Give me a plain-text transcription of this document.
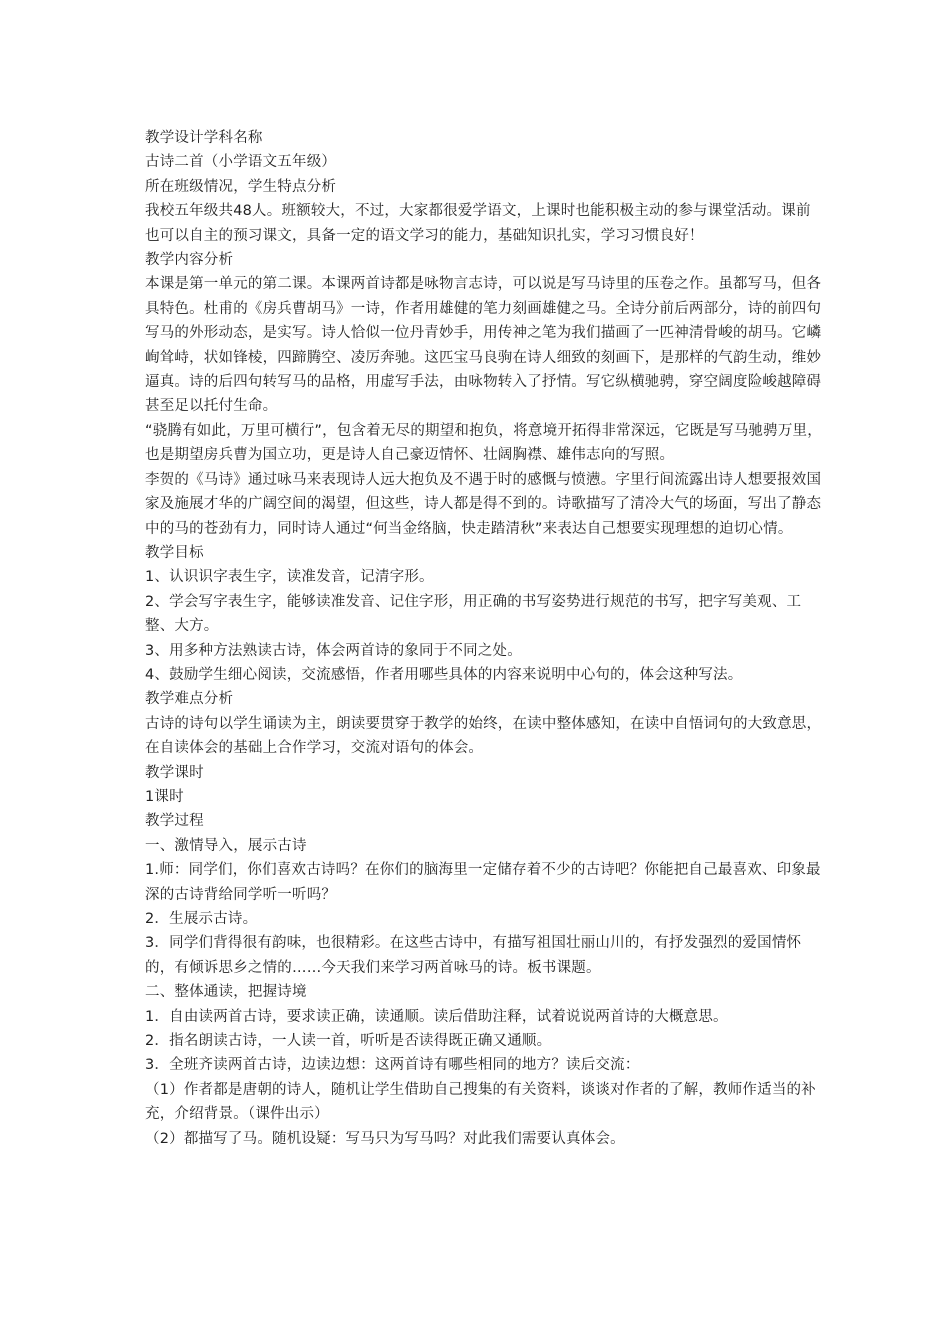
教学设计学科名称

古诗二首（小学语文五年级）

所在班级情况，学生特点分析

我校五年级共48人。班额较大，不过，大家都很爱学语文，上课时也能积极主动的参与课堂活动。课前也可以自主的预习课文，具备一定的语文学习的能力，基础知识扎实，学习习惯良好！

教学内容分析

本课是第一单元的第二课。本课两首诗都是咏物言志诗，可以说是写马诗里的压卷之作。虽都写马，但各具特色。杜甫的《房兵曹胡马》一诗，作者用雄健的笔力刻画雄健之马。全诗分前后两部分，诗的前四句写马的外形动态，是实写。诗人恰似一位丹青妙手，用传神之笔为我们描画了一匹神清骨峻的胡马。它嶙峋耸峙，状如锋棱，四蹄腾空、凌厉奔驰。这匹宝马良驹在诗人细致的刻画下，是那样的气韵生动，维妙逼真。诗的后四句转写马的品格，用虚写手法，由咏物转入了抒情。写它纵横驰骋，穿空阔度险峻越障碍甚至足以托付生命。

“骁腾有如此，万里可横行”，包含着无尽的期望和抱负，将意境开拓得非常深远，它既是写马驰骋万里，也是期望房兵曹为国立功，更是诗人自己豪迈情怀、壮阔胸襟、雄伟志向的写照。

李贺的《马诗》通过咏马来表现诗人远大抱负及不遇于时的感慨与愤懑。字里行间流露出诗人想要报效国家及施展才华的广阔空间的渴望，但这些，诗人都是得不到的。诗歌描写了清冷大气的场面，写出了静态中的马的苍劲有力，同时诗人通过“何当金络脑，快走踏清秋”来表达自己想要实现理想的迫切心情。

教学目标

1、认识识字表生字，读准发音，记清字形。

2、学会写字表生字，能够读准发音、记住字形，用正确的书写姿势进行规范的书写，把字写美观、工整、大方。

3、用多种方法熟读古诗，体会两首诗的象同于不同之处。

4、鼓励学生细心阅读，交流感悟，作者用哪些具体的内容来说明中心句的，体会这种写法。

教学难点分析

古诗的诗句以学生诵读为主，朗读要贯穿于教学的始终，在读中整体感知，在读中自悟词句的大致意思，在自读体会的基础上合作学习，交流对语句的体会。

教学课时

1课时

教学过程

一、激情导入，展示古诗

1.师：同学们，你们喜欢古诗吗？在你们的脑海里一定储存着不少的古诗吧？你能把自己最喜欢、印象最深的古诗背给同学听一听吗？

2．生展示古诗。

3．同学们背得很有韵味，也很精彩。在这些古诗中，有描写祖国壮丽山川的，有抒发强烈的爱国情怀的，有倾诉思乡之情的……今天我们来学习两首咏马的诗。板书课题。

二、整体通读，把握诗境

1．自由读两首古诗，要求读正确，读通顺。读后借助注释，试着说说两首诗的大概意思。

2．指名朗读古诗，一人读一首，听听是否读得既正确又通顺。

3．全班齐读两首古诗，边读边想：这两首诗有哪些相同的地方？读后交流：

（1）作者都是唐朝的诗人，随机让学生借助自己搜集的有关资料，谈谈对作者的了解，教师作适当的补充，介绍背景。（课件出示）

（2）都描写了马。随机设疑：写马只为写马吗？对此我们需要认真体会。
